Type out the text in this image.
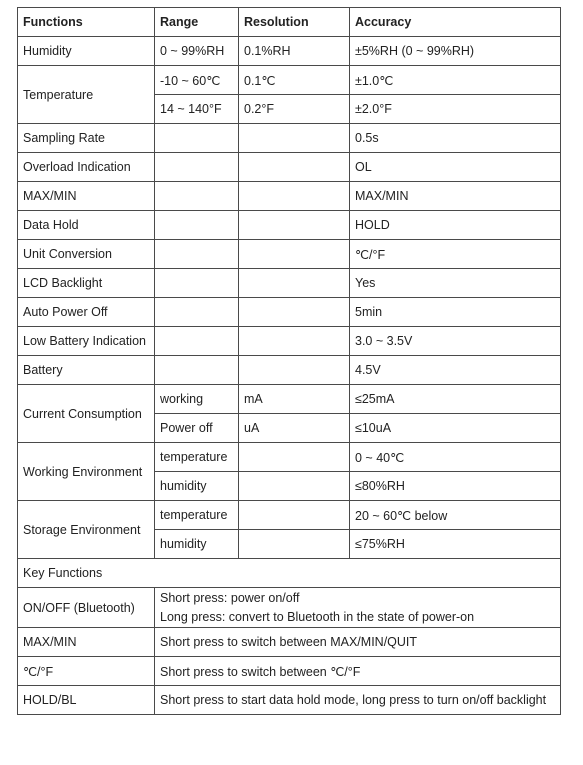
Functions	Range	Resolution	Accuracy
Humidity	0 ~ 99%RH	0.1%RH	±5%RH (0 ~ 99%RH)
Temperature	-10 ~ 60℃	0.1℃	±1.0℃
	14 ~ 140°F	0.2°F	±2.0°F
Sampling Rate			0.5s
Overload Indication			OL
MAX/MIN			MAX/MIN
Data Hold			HOLD
Unit Conversion			℃/°F
LCD Backlight			Yes
Auto Power Off			5min
Low Battery Indication			3.0 ~ 3.5V
Battery			4.5V
Current Consumption	working	mA	≤25mA
	Power off	uA	≤10uA
Working Environment	temperature		0 ~ 40℃
	humidity		≤80%RH
Storage Environment	temperature		20 ~ 60℃ below
	humidity		≤75%RH
Key Functions			
ON/OFF (Bluetooth)	Short press: power on/off
Long press: convert to Bluetooth in the state of power-on		

MAX/MIN	Short press to switch between MAX/MIN/QUIT		
℃/°F	Short press to switch between ℃/°F		
HOLD/BL	Short press to start data hold mode, long press to turn on/off backlight		
